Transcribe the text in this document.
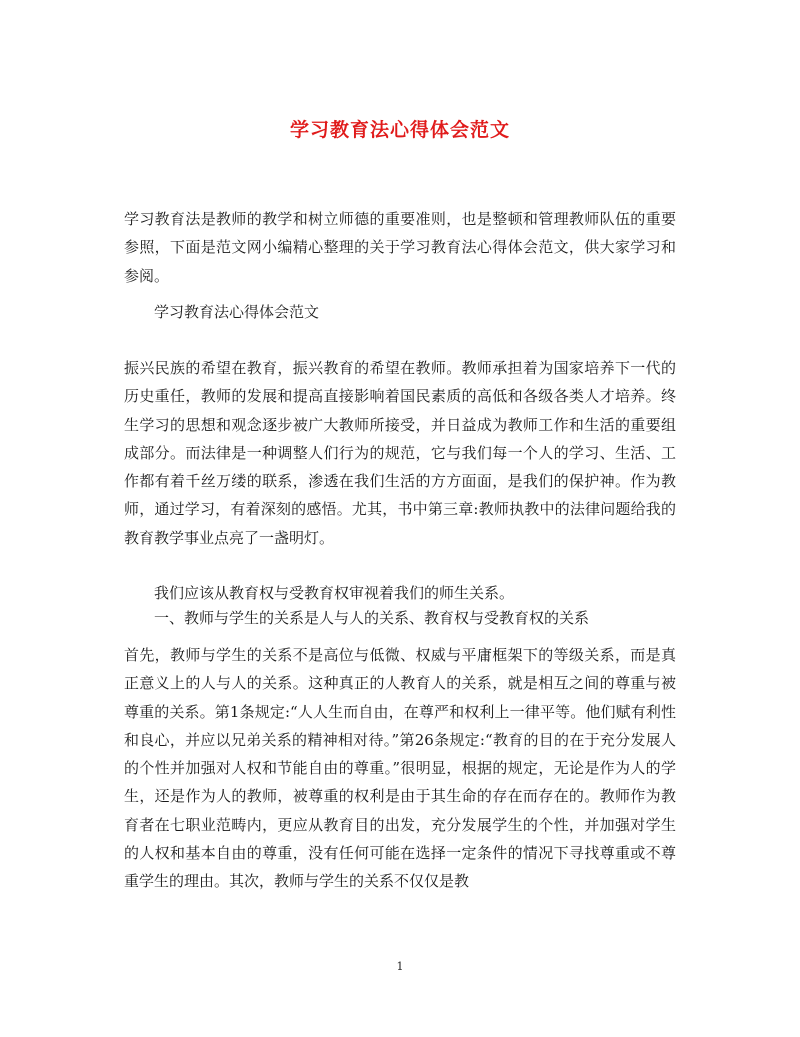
学习教育法心得体会范文

学习教育法是教师的教学和树立师德的重要准则，也是整顿和管理教师队伍的重要参照，下面是范文网小编精心整理的关于学习教育法心得体会范文，供大家学习和参阅。

学习教育法心得体会范文

振兴民族的希望在教育，振兴教育的希望在教师。教师承担着为国家培养下一代的历史重任，教师的发展和提高直接影响着国民素质的高低和各级各类人才培养。终生学习的思想和观念逐步被广大教师所接受，并日益成为教师工作和生活的重要组成部分。而法律是一种调整人们行为的规范，它与我们每一个人的学习、生活、工作都有着千丝万缕的联系，渗透在我们生活的方方面面，是我们的保护神。作为教师，通过学习，有着深刻的感悟。尤其，书中第三章:教师执教中的法律问题给我的教育教学事业点亮了一盏明灯。

我们应该从教育权与受教育权审视着我们的师生关系。

一、教师与学生的关系是人与人的关系、教育权与受教育权的关系

首先，教师与学生的关系不是高位与低微、权威与平庸框架下的等级关系，而是真正意义上的人与人的关系。这种真正的人教育人的关系，就是相互之间的尊重与被尊重的关系。第1条规定:“人人生而自由，在尊严和权利上一律平等。他们赋有利性和良心，并应以兄弟关系的精神相对待。”第26条规定:“教育的目的在于充分发展人的个性并加强对人权和节能自由的尊重。”很明显，根据的规定，无论是作为人的学生，还是作为人的教师，被尊重的权利是由于其生命的存在而存在的。教师作为教育者在七职业范畴内，更应从教育目的出发，充分发展学生的个性，并加强对学生的人权和基本自由的尊重，没有任何可能在选择一定条件的情况下寻找尊重或不尊重学生的理由。其次，教师与学生的关系不仅仅是教

1
